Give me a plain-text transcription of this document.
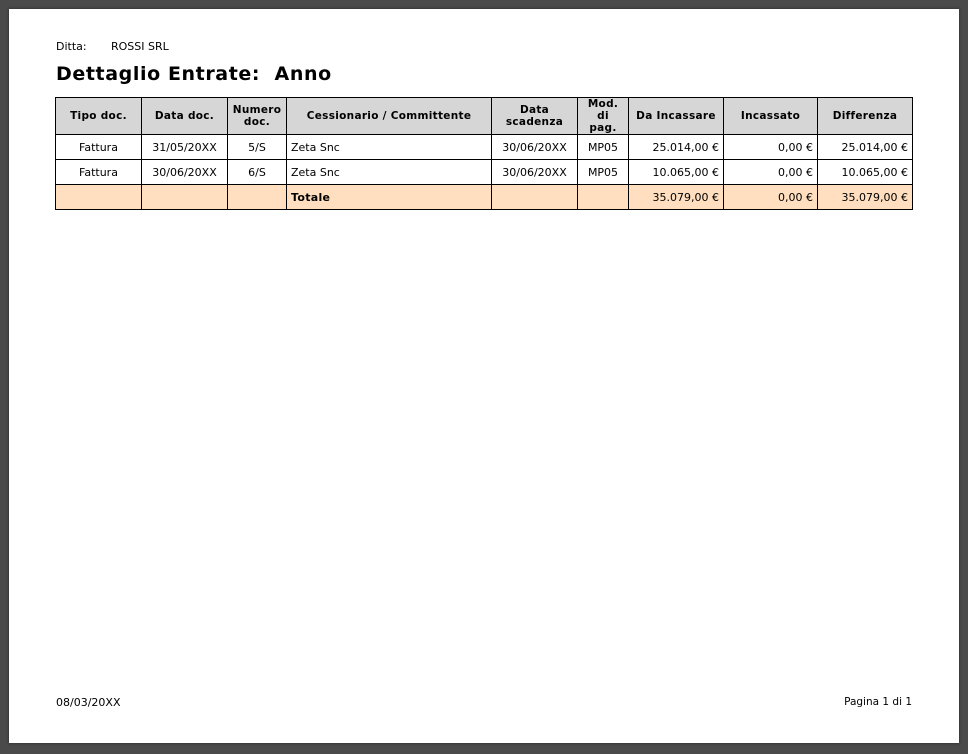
Ditta: ROSSI SRL
Dettaglio Entrate:  Anno
Tipo doc.	Data doc.	Numero doc.	Cessionario / Committente	Data scadenza	Mod. di pag.	Da Incassare	Incassato	Differenza
Fattura	31/05/20XX	5/S	Zeta Snc	30/06/20XX	MP05	25.014,00 €	0,00 €	25.014,00 €
Fattura	30/06/20XX	6/S	Zeta Snc	30/06/20XX	MP05	10.065,00 €	0,00 €	10.065,00 €
			Totale			35.079,00 €	0,00 €	35.079,00 €
08/03/20XX	Pagina 1 di 1
